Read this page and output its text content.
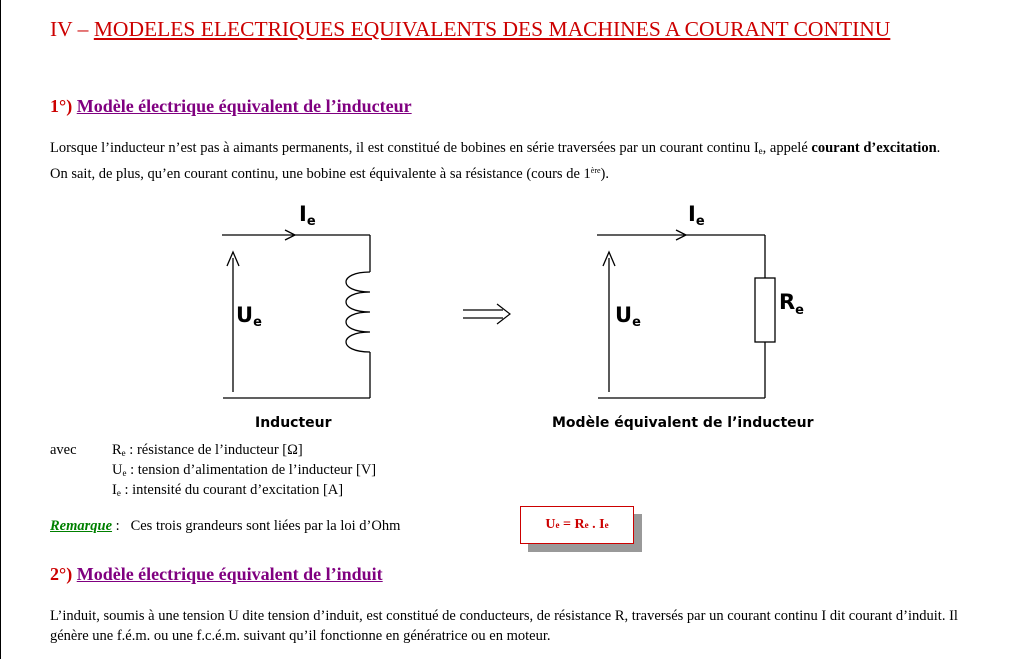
IV – MODELES ELECTRIQUES EQUIVALENTS DES MACHINES A COURANT CONTINU
1°) Modèle électrique équivalent de l’inducteur
Lorsque l’inducteur n’est pas à aimants permanents, il est constitué de bobines en série traversées par un courant continu $I_e$, appelé courant d’excitation.
On sait, de plus, qu’en courant continu, une bobine est équivalente à sa résistance (cours de 1ère).
Ie
Ue
Inducteur
Ie
Ue
$R_e$
Modèle équivalent de l’inducteur
avec $R_e$ : résistance de l’inducteur [Ω]
$U_e$ : tension d’alimentation de l’inducteur [V]
$I_e$ : intensité du courant d’excitation [A]
Remarque : Ces trois grandeurs sont liées par la loi d’Ohm	U e = R e . I e
2°) Modèle électrique équivalent de l’induit
L’induit, soumis à une tension U dite tension d’induit, est constitué de conducteurs, de résistance R, traversés par un courant continu I dit courant d’induit. Il génère une f.é.m. ou une f.c.é.m. suivant qu’il fonctionne en génératrice ou en moteur.
